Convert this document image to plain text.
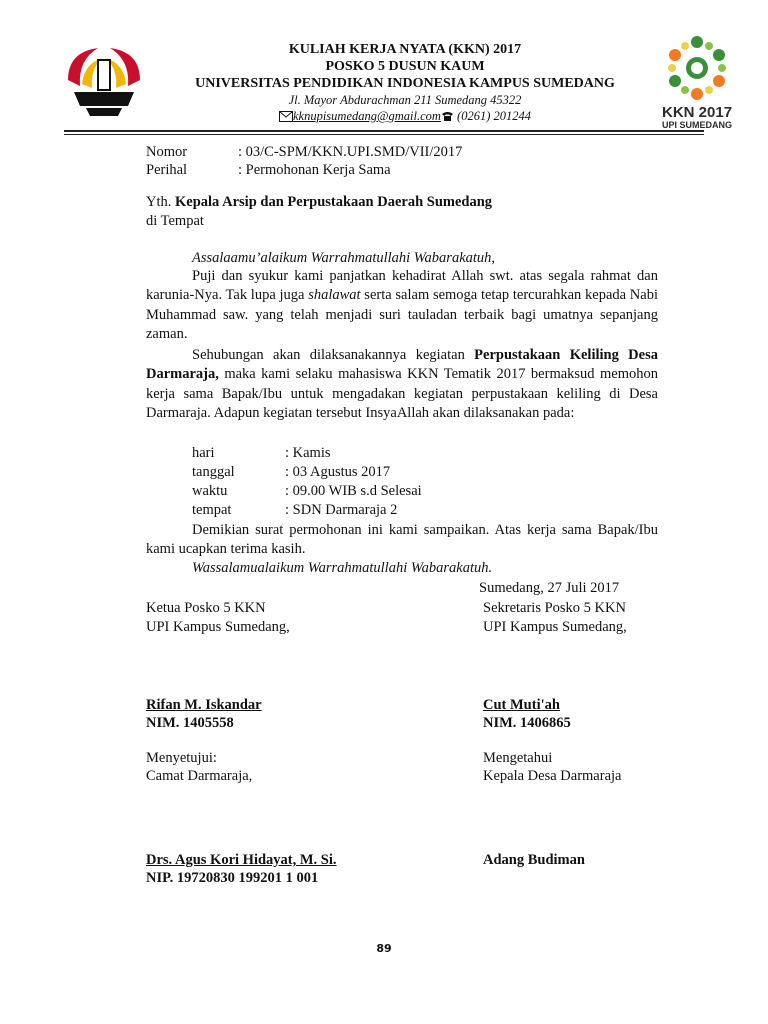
KULIAH KERJA NYATA (KKN) 2017
POSKO 5 DUSUN KAUM
UNIVERSITAS PENDIDIKAN INDONESIA KAMPUS SUMEDANG
Jl. Mayor Abdurachman 211 Sumedang 45322
kknupisumedang@gmail.com (0261) 201244	KKN 2017
UPI SUMEDANG
Nomor	: 03/C-SPM/KKN.UPI.SMD/VII/2017
Perihal	: Permohonan Kerja Sama
Yth. Kepala Arsip dan Perpustakaan Daerah Sumedang
di Tempat
Assalaamu’alaikum Warrahmatullahi Wabarakatuh,
Puji dan syukur kami panjatkan kehadirat Allah swt. atas segala rahmat dan karunia-Nya. Tak lupa juga shalawat serta salam semoga tetap tercurahkan kepada Nabi Muhammad saw. yang telah menjadi suri tauladan terbaik bagi umatnya sepanjang zaman.
Sehubungan akan dilaksanakannya kegiatan Perpustakaan Keliling Desa Darmaraja, maka kami selaku mahasiswa KKN Tematik 2017 bermaksud memohon kerja sama Bapak/Ibu untuk mengadakan kegiatan perpustakaan keliling di Desa Darmaraja. Adapun kegiatan tersebut InsyaAllah akan dilaksanakan pada:
hari	: Kamis
tanggal	: 03 Agustus 2017
waktu	: 09.00 WIB s.d Selesai
tempat	: SDN Darmaraja 2
Demikian surat permohonan ini kami sampaikan. Atas kerja sama Bapak/Ibu kami ucapkan terima kasih.
Wassalamualaikum Warrahmatullahi Wabarakatuh.
Sumedang, 27 Juli 2017
Ketua Posko 5 KKN
UPI Kampus Sumedang,
Sekretaris Posko 5 KKN
UPI Kampus Sumedang,
Rifan M. Iskandar
NIM. 1405558
Cut Muti'ah
NIM. 1406865
Menyetujui:
Camat Darmaraja,
Mengetahui
Kepala Desa Darmaraja
Drs. Agus Kori Hidayat, M. Si.
NIP. 19720830 199201 1 001
Adang Budiman
89
